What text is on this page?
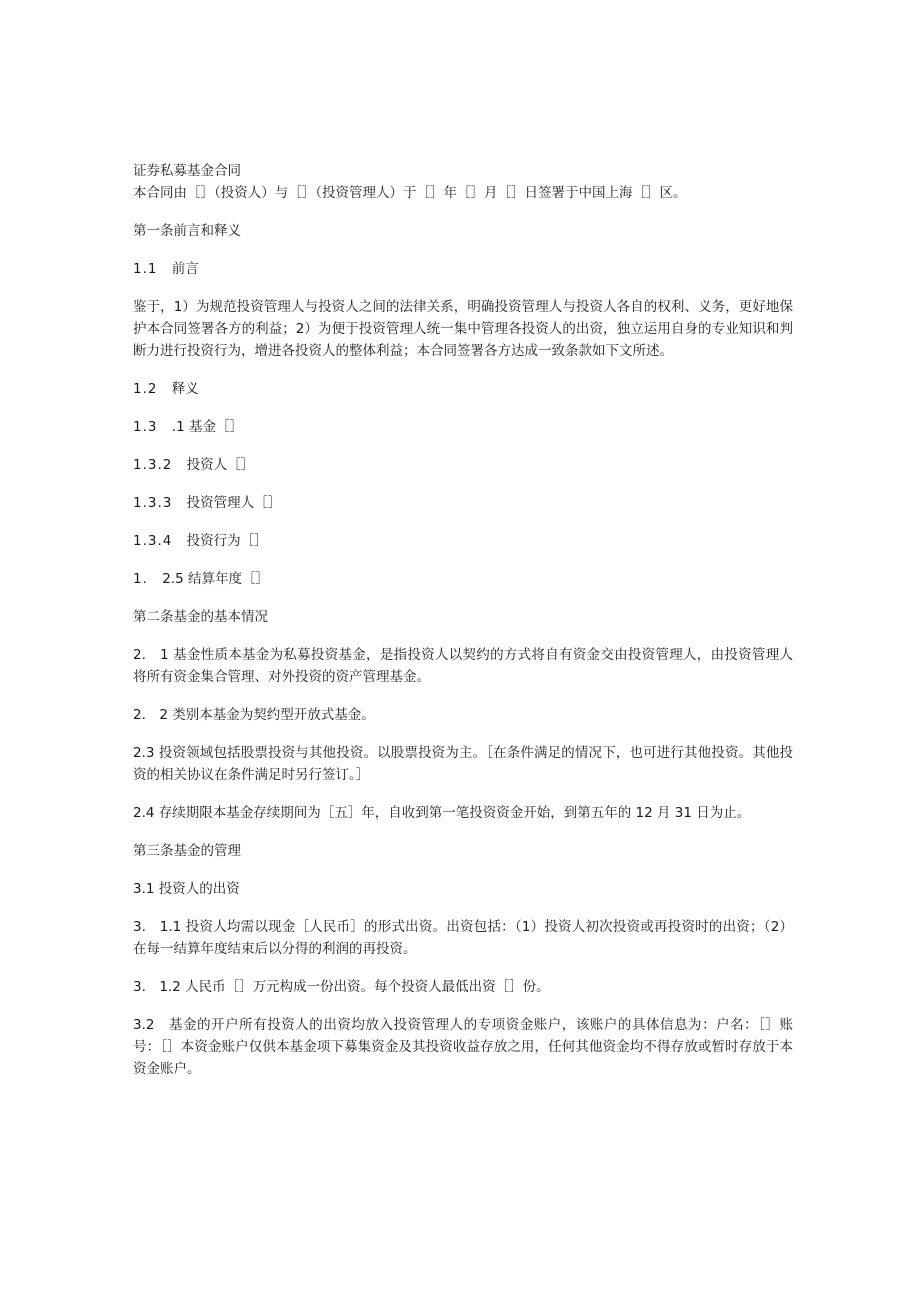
证券私募基金合同

本合同由［］（投资人）与［］（投资管理人）于［］年［］月［］日签署于中国上海［］区。

第一条前言和释义

1.1 前言

鉴于，1）为规范投资管理人与投资人之间的法律关系，明确投资管理人与投资人各自的权利、义务，更好地保护本合同签署各方的利益；2）为便于投资管理人统一集中管理各投资人的出资，独立运用自身的专业知识和判断力进行投资行为，增进各投资人的整体利益；本合同签署各方达成一致条款如下文所述。

1.2 释义

1.3 .1 基金［］

1.3.2 投资人［］

1.3.3 投资管理人［］

1.3.4 投资行为［］

1. 2.5 结算年度［］

第二条基金的基本情况

2.　1 基金性质本基金为私募投资基金，是指投资人以契约的方式将自有资金交由投资管理人，由投资管理人将所有资金集合管理、对外投资的资产管理基金。

2.　2 类别本基金为契约型开放式基金。

2.3 投资领域包括股票投资与其他投资。以股票投资为主。［在条件满足的情况下，也可进行其他投资。其他投资的相关协议在条件满足时另行签订。］

2.4 存续期限本基金存续期间为［五］年，自收到第一笔投资资金开始，到第五年的 12 月 31 日为止。

第三条基金的管理

3.1 投资人的出资

3.　1.1 投资人均需以现金［人民币］的形式出资。出资包括：（1）投资人初次投资或再投资时的出资；（2）在每一结算年度结束后以分得的利润的再投资。

3.　1.2 人民币［］万元构成一份出资。每个投资人最低出资［］份。

3.2　基金的开户所有投资人的出资均放入投资管理人的专项资金账户，该账户的具体信息为：户名：［］账号：［］本资金账户仅供本基金项下募集资金及其投资收益存放之用，任何其他资金均不得存放或暂时存放于本资金账户。
